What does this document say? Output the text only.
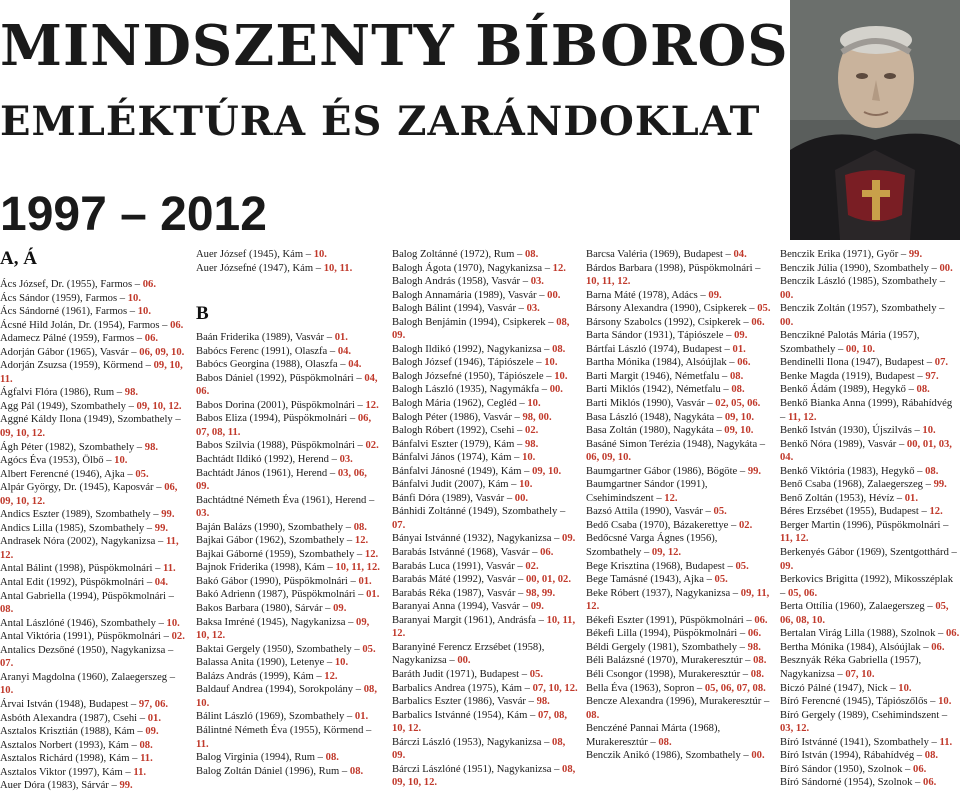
MINDSZENTY BÍBOROS
EMLÉKTÚRA ÉS ZARÁNDOKLAT
1997 – 2012
A, Á
Ács József, Dr. (1955), Farmos – 06.
Ács Sándor (1959), Farmos – 10.
Ács Sándorné (1961), Farmos – 10.
Ácsné Hild Jolán, Dr. (1954), Farmos – 06.
Adamecz Pálné (1959), Farmos – 06.
Adorján Gábor (1965), Vasvár – 06, 09, 10.
Adorján Zsuzsa (1959), Körmend – 09, 10, 11.
Ágfalvi Flóra (1986), Rum – 98.
Agg Pál (1949), Szombathely – 09, 10, 12.
Aggné Káldy Ilona (1949), Szombathely – 09, 10, 12.
Ágh Péter (1982), Szombathely – 98.
Agócs Éva (1953), Ölbő – 10.
Albert Ferencné (1946), Ajka – 05.
Alpár György, Dr. (1945), Kaposvár – 06, 09, 10, 12.
Andics Eszter (1989), Szombathely – 99.
Andics Lilla (1985), Szombathely – 99.
Andrasek Nóra (2002), Nagykanizsa – 11, 12.
Antal Bálint (1998), Püspökmolnári – 11.
Antal Edit (1992), Püspökmolnári – 04.
Antal Gabriella (1994), Püspökmolnári – 08.
Antal Lászlóné (1946), Szombathely – 10.
Antal Viktória (1991), Püspökmolnári – 02.
Antalics Dezsőné (1950), Nagykanizsa – 07.
Aranyi Magdolna (1960), Zalaegerszeg – 10.
Árvai István (1948), Budapest – 97, 06.
Asbóth Alexandra (1987), Csehi – 01.
Asztalos Krisztián (1988), Kám – 09.
Asztalos Norbert (1993), Kám – 08.
Asztalos Richárd (1998), Kám – 11.
Asztalos Viktor (1997), Kám – 11.
Auer Dóra (1983), Sárvár – 99.
Auer József (1945), Kám – 10.
Auer Józsefné (1947), Kám – 10, 11.
B
Baán Friderika (1989), Vasvár – 01.
Babócs Ferenc (1991), Olaszfa – 04.
Babócs Georgina (1988), Olaszfa – 04.
Babos Dániel (1992), Püspökmolnári – 04, 06.
Babos Dorina (2001), Püspökmolnári – 12.
Babos Eliza (1994), Püspökmolnári – 06, 07, 08, 11.
Babos Szilvia (1988), Püspökmolnári – 02.
Bachtádt Ildikó (1992), Herend – 03.
Bachtádt János (1961), Herend – 03, 06, 09.
Bachtádtné Németh Éva (1961), Herend – 03.
Baján Balázs (1990), Szombathely – 08.
Bajkai Gábor (1962), Szombathely – 12.
Bajkai Gáborné (1959), Szombathely – 12.
Bajnok Friderika (1998), Kám – 10, 11, 12.
Bakó Gábor (1990), Püspökmolnári – 01.
Bakó Adrienn (1987), Püspökmolnári – 01.
Bakos Barbara (1980), Sárvár – 09.
Baksa Imréné (1945), Nagykanizsa – 09, 10, 12.
Baktai Gergely (1950), Szombathely – 05.
Balassa Anita (1990), Letenye – 10.
Balázs András (1999), Kám – 12.
Baldauf Andrea (1994), Sorokpolány – 08, 10.
Bálint László (1969), Szombathely – 01.
Bálintné Németh Éva (1955), Körmend – 11.
Balog Virginia (1994), Rum – 08.
Balog Zoltán Dániel (1996), Rum – 08.
Balog Zoltánné (1972), Rum – 08.
Balogh Ágota (1970), Nagykanizsa – 12.
Balogh András (1958), Vasvár – 03.
Balogh Annamária (1989), Vasvár – 00.
Balogh Bálint (1994), Vasvár – 03.
Balogh Benjámin (1994), Csipkerek – 08, 09.
Balogh Ildikó (1992), Nagykanizsa – 08.
Balogh József (1946), Tápiószele – 10.
Balogh Józsefné (1950), Tápiószele – 10.
Balogh László (1935), Nagymákfa – 00.
Balogh Mária (1962), Cegléd – 10.
Balogh Péter (1986), Vasvár – 98, 00.
Balogh Róbert (1992), Csehi – 02.
Bánfalvi Eszter (1979), Kám – 98.
Bánfalvi János (1974), Kám – 10.
Bánfalvi Jánosné (1949), Kám – 09, 10.
Bánfalvi Judit (2007), Kám – 10.
Bánfi Dóra (1989), Vasvár – 00.
Bánhidi Zoltánné (1949), Szombathely – 07.
Bányai Istvánné (1932), Nagykanizsa – 09.
Barabás Istvánné (1968), Vasvár – 06.
Barabás Luca (1991), Vasvár – 02.
Barabás Máté (1992), Vasvár – 00, 01, 02.
Barabás Réka (1987), Vasvár – 98, 99.
Baranyai Anna (1994), Vasvár – 09.
Baranyai Margit (1961), Andrásfa – 10, 11, 12.
Baranyiné Ferencz Erzsébet (1958), Nagykanizsa – 00.
Baráth Judit (1971), Budapest – 05.
Barbalics Andrea (1975), Kám – 07, 10, 12.
Barbalics Eszter (1986), Vasvár – 98.
Barbalics Istvánné (1954), Kám – 07, 08, 10, 12.
Bárczi László (1953), Nagykanizsa – 08, 09.
Bárczi Lászlóné (1951), Nagykanizsa – 08, 09, 10, 12.
Barcsa Valéria (1969), Budapest – 04.
Bárdos Barbara (1998), Püspökmolnári – 10, 11, 12.
Barna Máté (1978), Adács – 09.
Bársony Alexandra (1990), Csipkerek – 05.
Bársony Szabolcs (1992), Csipkerek – 06.
Barta Sándor (1931), Tápiószele – 09.
Bártfai László (1974), Budapest – 01.
Bartha Mónika (1984), Alsóújlak – 06.
Barti Margit (1946), Németfalu – 08.
Barti Miklós (1942), Németfalu – 08.
Barti Miklós (1990), Vasvár – 02, 05, 06.
Basa László (1948), Nagykáta – 09, 10.
Basa Zoltán (1980), Nagykáta – 09, 10.
Basáné Simon Terézia (1948), Nagykáta – 06, 09, 10.
Baumgartner Gábor (1986), Bögöte – 99.
Baumgartner Sándor (1991), Csehimindszent – 12.
Bazsó Attila (1990), Vasvár – 05.
Bedő Csaba (1970), Bázakerettye – 02.
Bedőcsné Varga Ágnes (1956), Szombathely – 09, 12.
Bege Krisztina (1968), Budapest – 05.
Bege Tamásné (1943), Ajka – 05.
Beke Róbert (1937), Nagykanizsa – 09, 11, 12.
Békefi Eszter (1991), Püspökmolnári – 06.
Békefi Lilla (1994), Püspökmolnári – 06.
Béldi Gergely (1981), Szombathely – 98.
Béli Balázsné (1970), Murakeresztúr – 08.
Béli Csongor (1998), Murakeresztúr – 08.
Bella Éva (1963), Sopron – 05, 06, 07, 08.
Bencze Alexandra (1996), Murakeresztúr – 08.
Benczéné Pannai Márta (1968), Murakeresztúr – 08.
Benczik Anikó (1986), Szombathely – 00.
Benczik Erika (1971), Győr – 99.
Benczik Júlia (1990), Szombathely – 00.
Benczik László (1985), Szombathely – 00.
Benczik Zoltán (1957), Szombathely – 00.
Benczikné Palotás Mária (1957), Szombathely – 00, 10.
Bendinelli Ilona (1947), Budapest – 07.
Benke Magda (1919), Budapest – 97.
Benkő Ádám (1989), Hegykő – 08.
Benkő Bianka Anna (1999), Rábahídvég – 11, 12.
Benkő István (1930), Újszilvás – 10.
Benkő Nóra (1989), Vasvár – 00, 01, 03, 04.
Benkő Viktória (1983), Hegykő – 08.
Benő Csaba (1968), Zalaegerszeg – 99.
Benő Zoltán (1953), Hévíz – 01.
Béres Erzsébet (1955), Budapest – 12.
Berger Martin (1996), Püspökmolnári – 11, 12.
Berkenyés Gábor (1969), Szentgotthárd – 09.
Berkovics Brigitta (1992), Mikosszéplak – 05, 06.
Berta Ottília (1960), Zalaegerszeg – 05, 06, 08, 10.
Bertalan Virág Lilla (1988), Szolnok – 06.
Bertha Mónika (1984), Alsóújlak – 06.
Besznyák Réka Gabriella (1957), Nagykanizsa – 07, 10.
Biczó Pálné (1947), Nick – 10.
Bíró Ferencné (1945), Tápiószőlős – 10.
Bíró Gergely (1989), Csehimindszent – 03, 12.
Bíró Istvánné (1941), Szombathely – 11.
Bíró István (1994), Rábahídvég – 08.
Bíró Sándor (1950), Szolnok – 06.
Bíró Sándorné (1954), Szolnok – 06.
